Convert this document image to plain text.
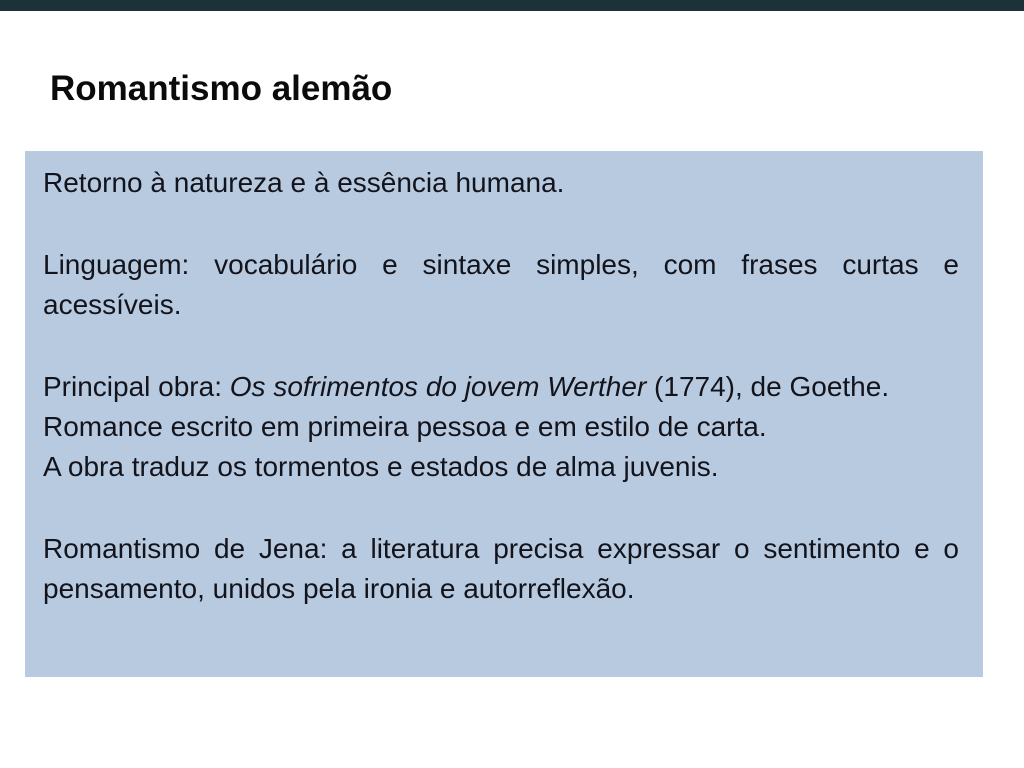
Romantismo alemão

Retorno à natureza e à essência humana.

Linguagem: vocabulário e sintaxe simples, com frases curtas e acessíveis.

Principal obra: Os sofrimentos do jovem Werther (1774), de Goethe.
Romance escrito em primeira pessoa e em estilo de carta.
A obra traduz os tormentos e estados de alma juvenis.

Romantismo de Jena: a literatura precisa expressar o sentimento e o pensamento, unidos pela ironia e autorreflexão.
